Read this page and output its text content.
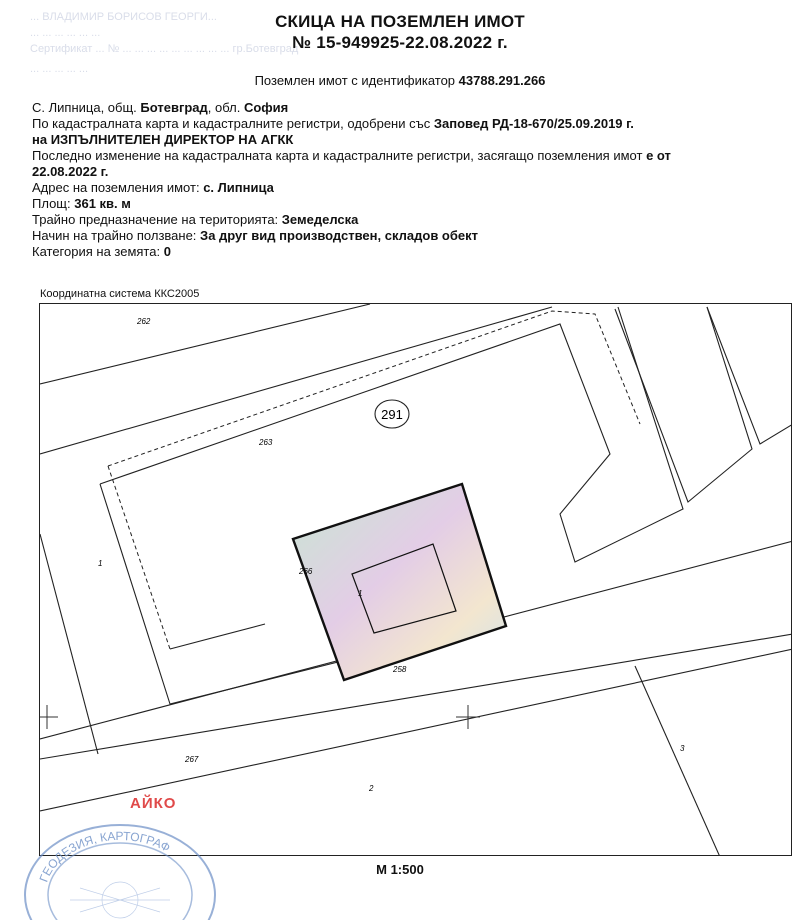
... ВЛАДИМИР БОРИСОВ ГЕОРГИ...
... ... ... ... ... ...
Сертификат ... № ... ... ... ... ... ... ... ... ... гр.Ботевград
... ... ... ... ...
СКИЦА НА ПОЗЕМЛЕН ИМОТ
№ 15-949925-22.08.2022 г.
Поземлен имот с идентификатор 43788.291.266
С. Липница, общ. Ботевград, обл. София
По кадастралната карта и кадастралните регистри, одобрени със Заповед РД-18-670/25.09.2019 г.
на ИЗПЪЛНИТЕЛЕН ДИРЕКТОР НА АГКК
Последно изменение на кадастралната карта и кадастралните регистри, засягащо поземления имот е от
22.08.2022 г.
Адрес на поземления имот: с. Липница
Площ: 361 кв. м
Трайно предназначение на територията: Земеделска
Начин на трайно ползване: За друг вид производствен, складов обект
Категория на земята: 0
Координатна система ККС2005
291
262
263
1
266
1
258
267
2
3
М 1:500
ГЕОДЕЗИЯ, КАРТОГРАФ
АЙКО
